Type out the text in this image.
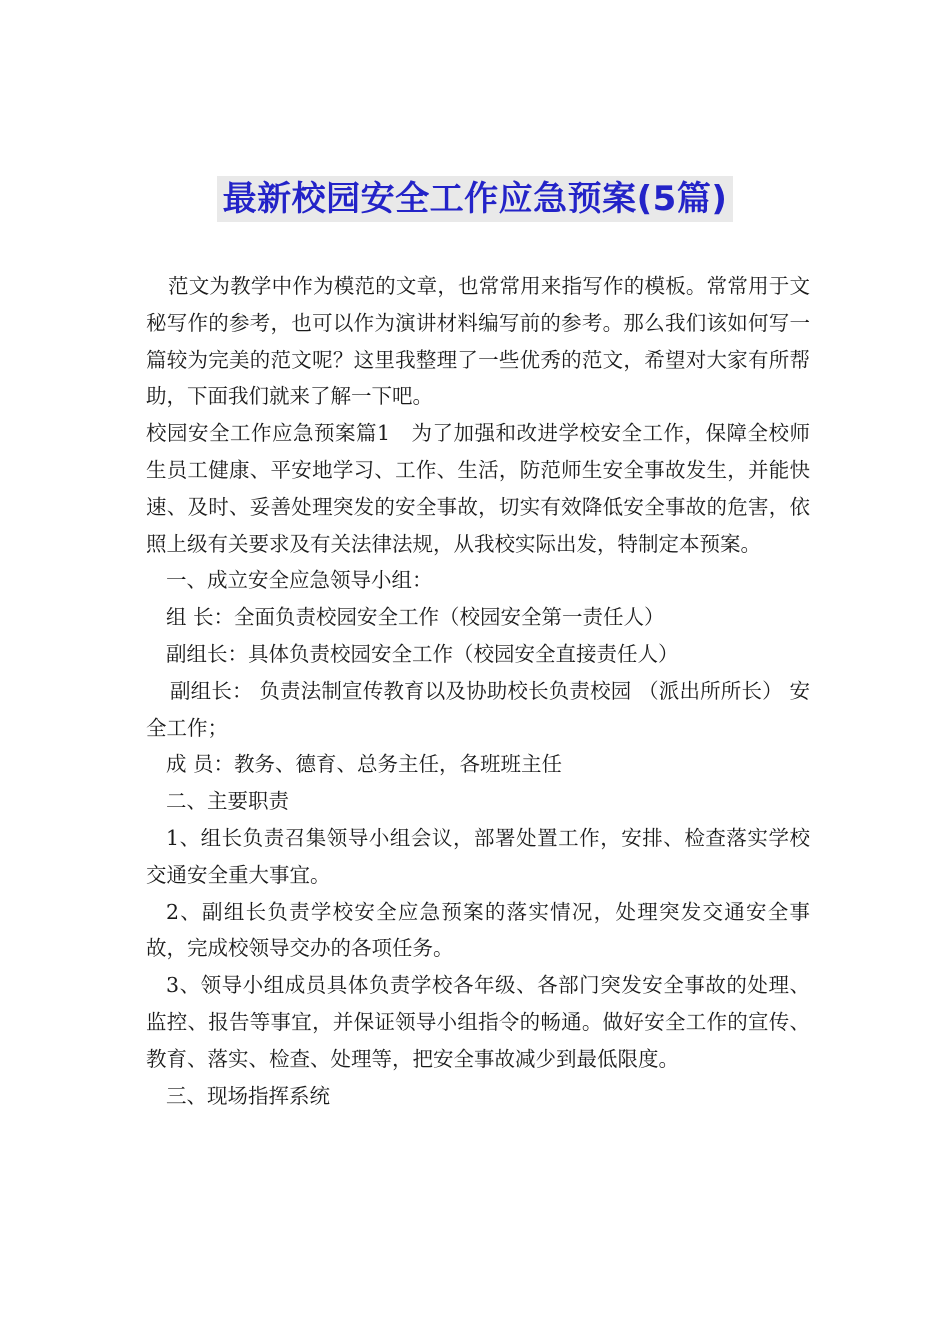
最新校园安全工作应急预案(5篇)

范文为教学中作为模范的文章，也常常用来指写作的模板。常常用于文秘写作的参考，也可以作为演讲材料编写前的参考。那么我们该如何写一篇较为完美的范文呢？这里我整理了一些优秀的范文，希望对大家有所帮助，下面我们就来了解一下吧。

校园安全工作应急预案篇1　为了加强和改进学校安全工作，保障全校师生员工健康、平安地学习、工作、生活，防范师生安全事故发生，并能快速、及时、妥善处理突发的安全事故，切实有效降低安全事故的危害，依照上级有关要求及有关法律法规，从我校实际出发，特制定本预案。

一、成立安全应急领导小组：

组 长：全面负责校园安全工作（校园安全第一责任人）

副组长：具体负责校园安全工作（校园安全直接责任人）

副组长： 负责法制宣传教育以及协助校长负责校园 （派出所所长） 安全工作；

成 员：教务、德育、总务主任，各班班主任

二、主要职责

1、组长负责召集领导小组会议，部署处置工作，安排、检查落实学校交通安全重大事宜。

2、副组长负责学校安全应急预案的落实情况，处理突发交通安全事故，完成校领导交办的各项任务。

3、领导小组成员具体负责学校各年级、各部门突发安全事故的处理、监控、报告等事宜，并保证领导小组指令的畅通。做好安全工作的宣传、教育、落实、检查、处理等，把安全事故减少到最低限度。

三、现场指挥系统
